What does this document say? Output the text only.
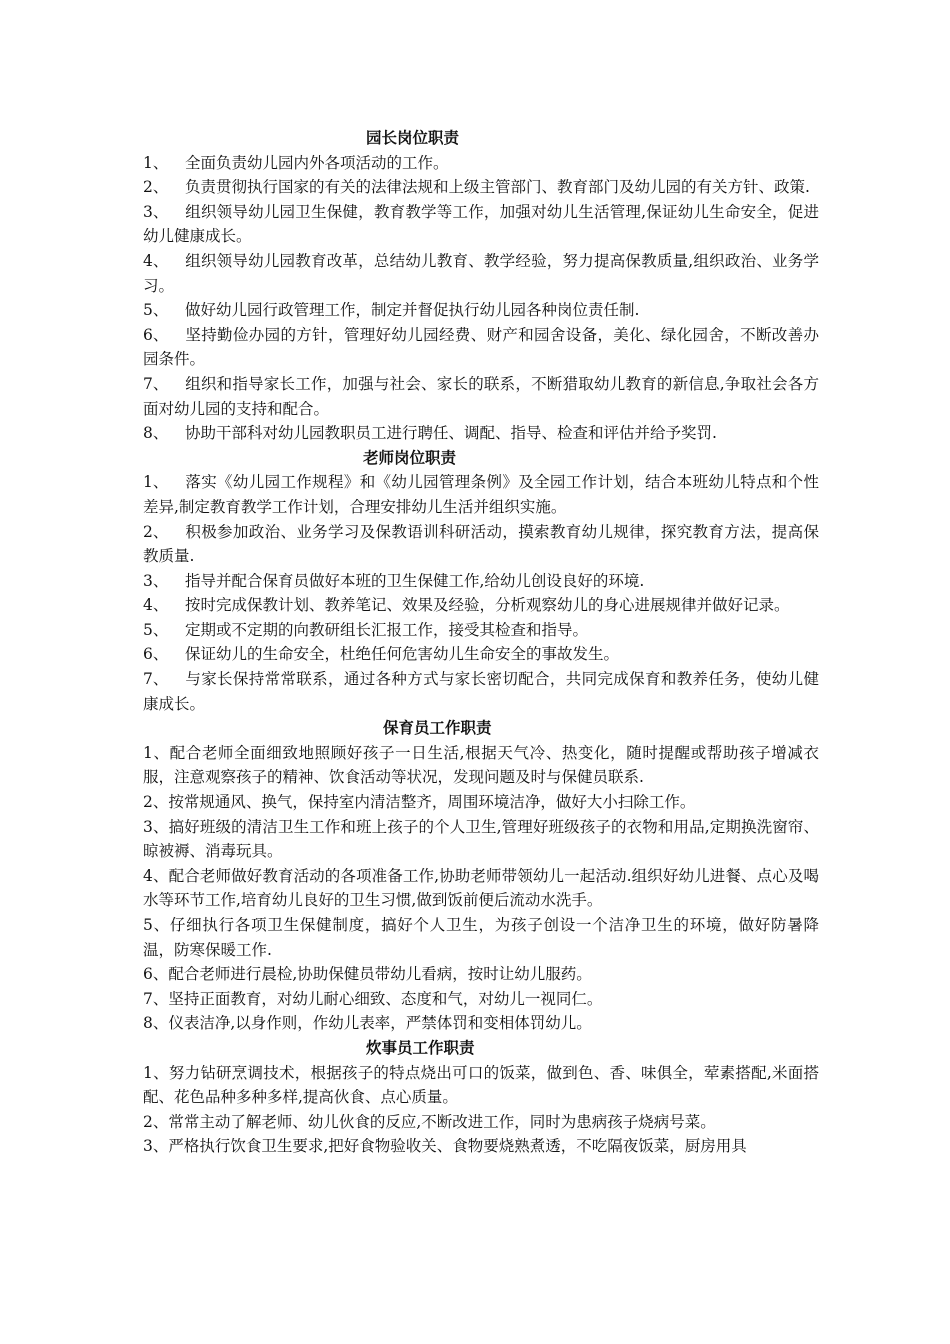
园长岗位职责

1、 全面负责幼儿园内外各项活动的工作。

2、 负责贯彻执行国家的有关的法律法规和上级主管部门、教育部门及幼儿园的有关方针、政策.

3、 组织领导幼儿园卫生保健，教育教学等工作，加强对幼儿生活管理,保证幼儿生命安全，促进幼儿健康成长。

4、 组织领导幼儿园教育改革，总结幼儿教育、教学经验，努力提高保教质量,组织政治、业务学习。

5、 做好幼儿园行政管理工作，制定并督促执行幼儿园各种岗位责任制.

6、 坚持勤俭办园的方针，管理好幼儿园经费、财产和园舍设备，美化、绿化园舍，不断改善办园条件。

7、 组织和指导家长工作，加强与社会、家长的联系，不断猎取幼儿教育的新信息,争取社会各方面对幼儿园的支持和配合。

8、 协助干部科对幼儿园教职员工进行聘任、调配、指导、检查和评估并给予奖罚.

老师岗位职责

1、 落实《幼儿园工作规程》和《幼儿园管理条例》及全园工作计划，结合本班幼儿特点和个性差异,制定教育教学工作计划，合理安排幼儿生活并组织实施。

2、 积极参加政治、业务学习及保教语训科研活动，摸索教育幼儿规律，探究教育方法，提高保教质量.

3、 指导并配合保育员做好本班的卫生保健工作,给幼儿创设良好的环境.

4、 按时完成保教计划、教养笔记、效果及经验，分析观察幼儿的身心进展规律并做好记录。

5、 定期或不定期的向教研组长汇报工作，接受其检查和指导。

6、 保证幼儿的生命安全，杜绝任何危害幼儿生命安全的事故发生。

7、 与家长保持常常联系，通过各种方式与家长密切配合，共同完成保育和教养任务，使幼儿健康成长。

保育员工作职责

1、配合老师全面细致地照顾好孩子一日生活,根据天气冷、热变化，随时提醒或帮助孩子增减衣服，注意观察孩子的精神、饮食活动等状况，发现问题及时与保健员联系.

2、按常规通风、换气，保持室内清洁整齐，周围环境洁净，做好大小扫除工作。

3、搞好班级的清洁卫生工作和班上孩子的个人卫生,管理好班级孩子的衣物和用品,定期换洗窗帘、晾被褥、消毒玩具。

4、配合老师做好教育活动的各项准备工作,协助老师带领幼儿一起活动.组织好幼儿进餐、点心及喝水等环节工作,培育幼儿良好的卫生习惯,做到饭前便后流动水洗手。

5、仔细执行各项卫生保健制度，搞好个人卫生，为孩子创设一个洁净卫生的环境，做好防暑降温，防寒保暖工作.

6、配合老师进行晨检,协助保健员带幼儿看病，按时让幼儿服药。

7、坚持正面教育，对幼儿耐心细致、态度和气，对幼儿一视同仁。

8、仪表洁净,以身作则，作幼儿表率，严禁体罚和变相体罚幼儿。

炊事员工作职责

1、努力钻研烹调技术，根据孩子的特点烧出可口的饭菜，做到色、香、味俱全，荤素搭配,米面搭配、花色品种多种多样,提高伙食、点心质量。

2、常常主动了解老师、幼儿伙食的反应,不断改进工作，同时为患病孩子烧病号菜。

3、严格执行饮食卫生要求,把好食物验收关、食物要烧熟煮透，不吃隔夜饭菜，厨房用具
